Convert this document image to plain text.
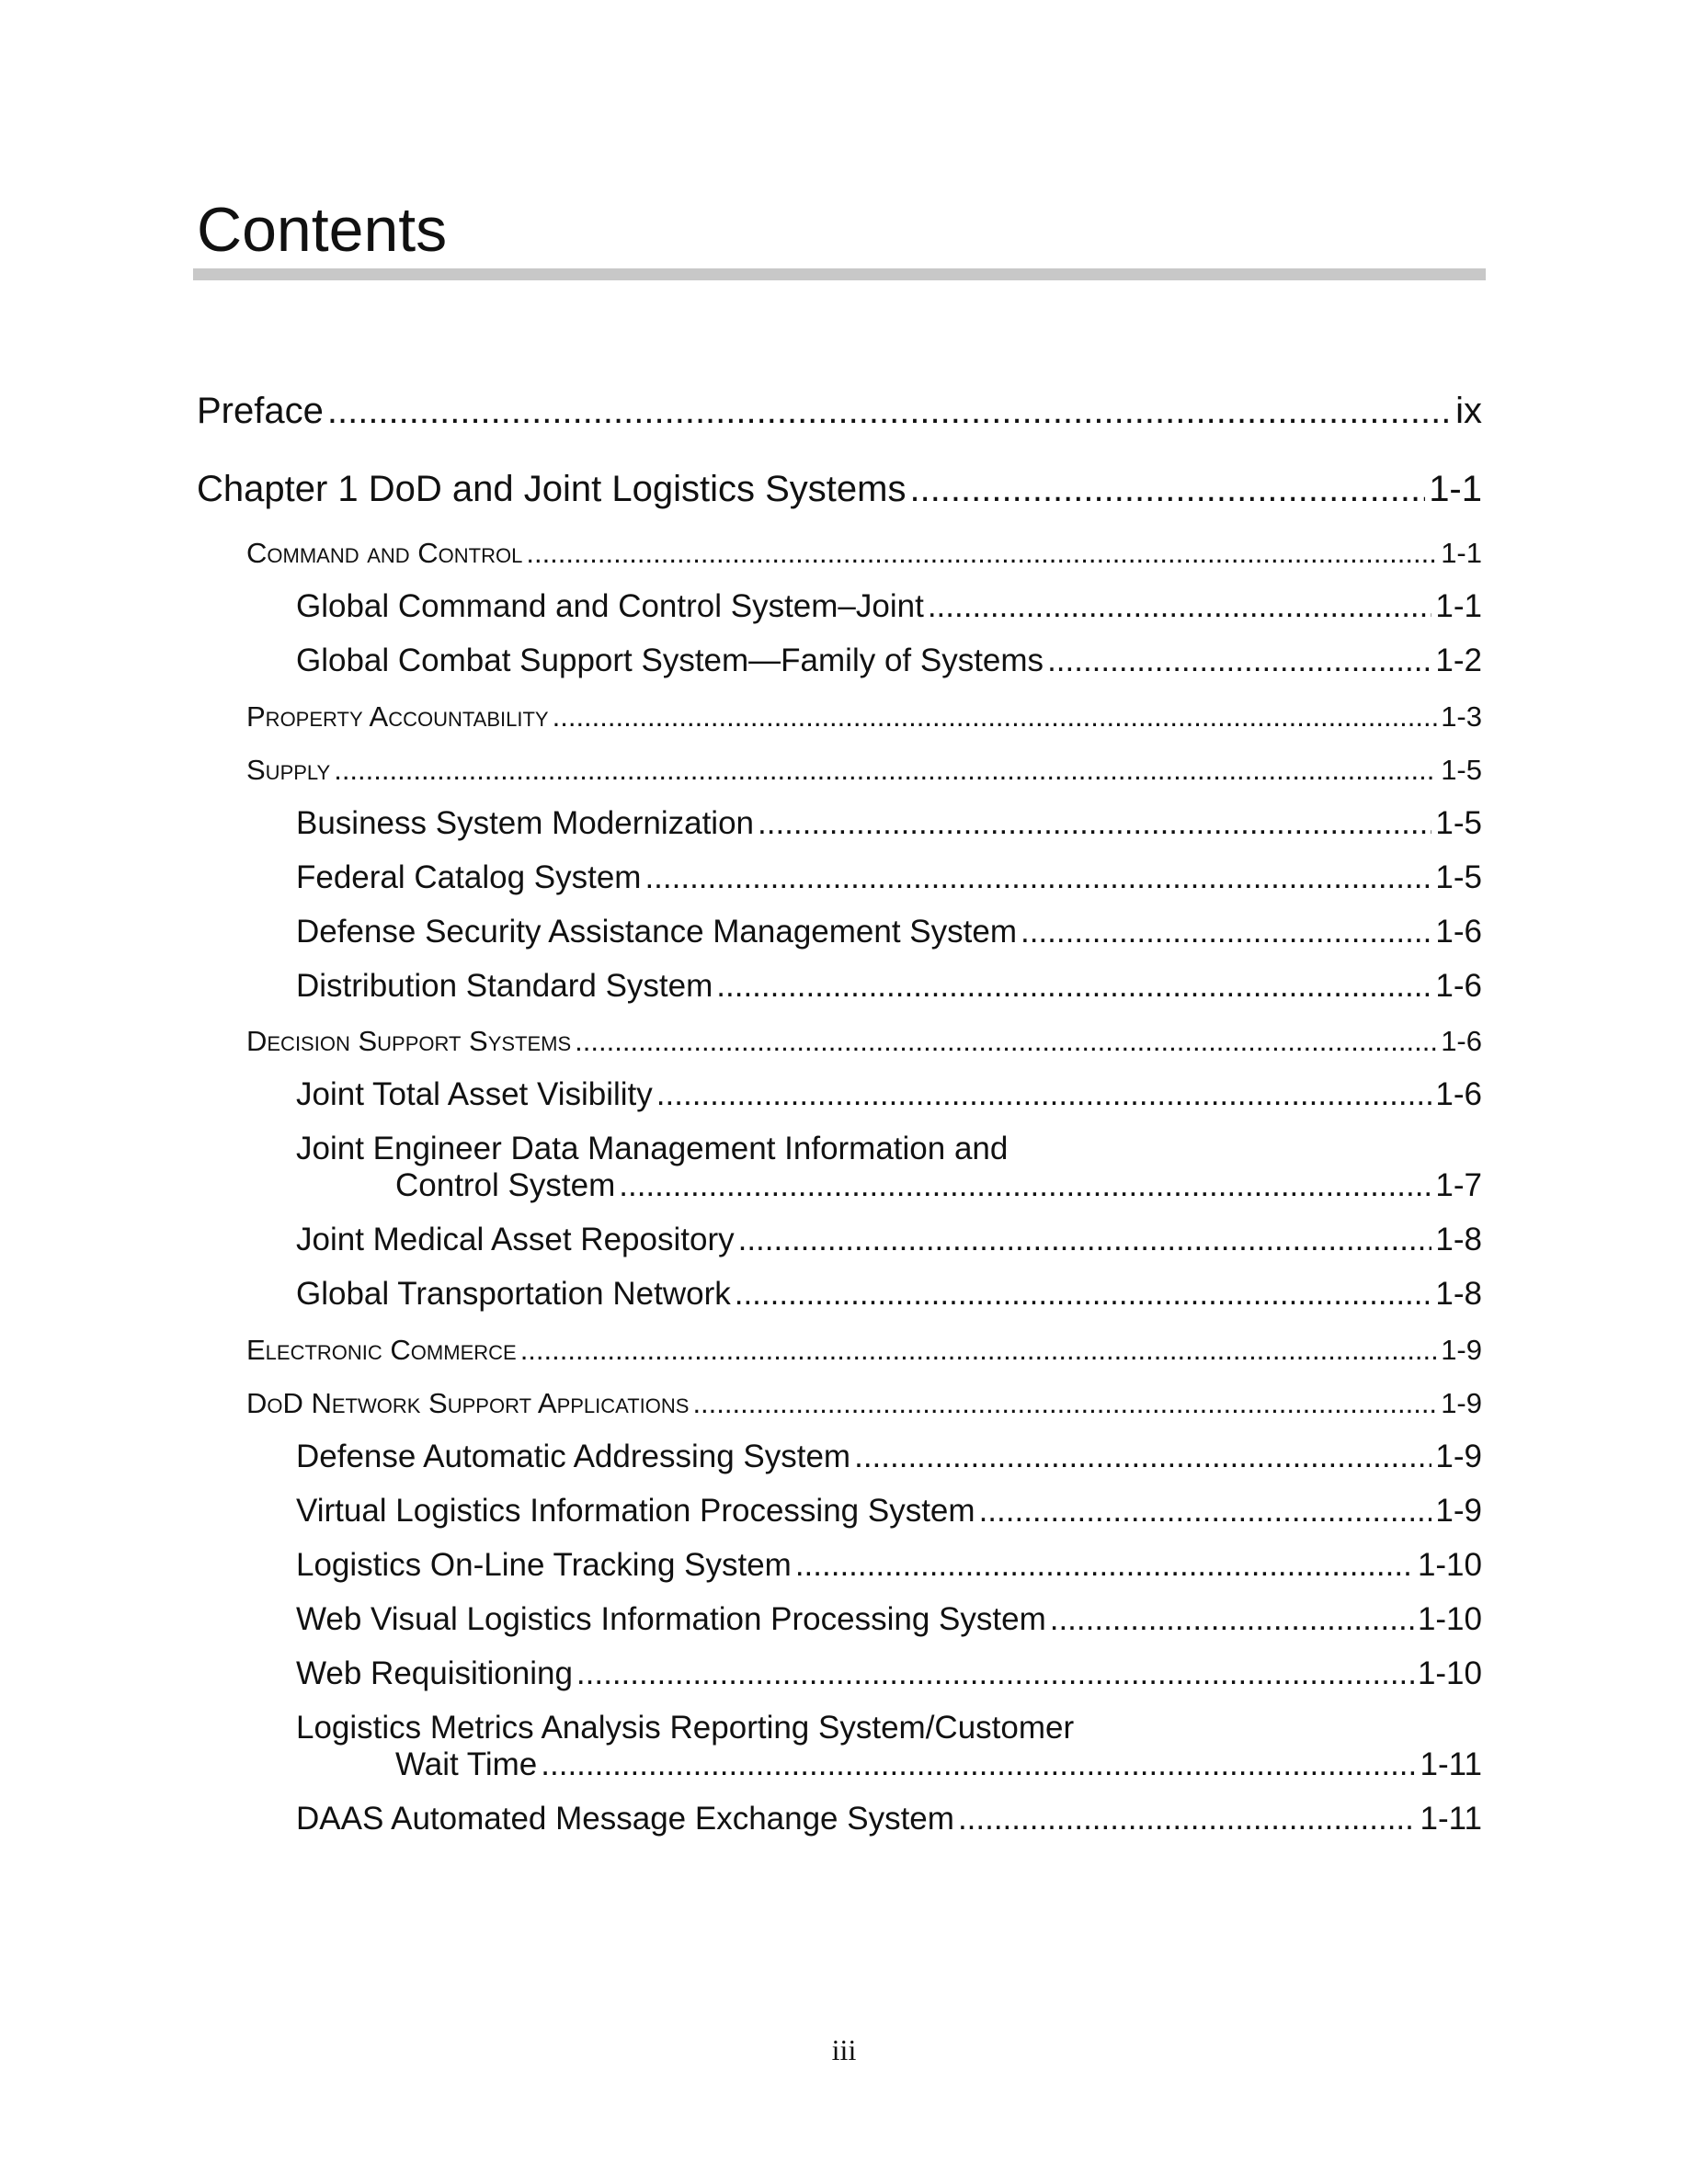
Contents
Preface .....	ix
Chapter 1 DoD and Joint Logistics Systems .....	1-1
Command and Control .....	1-1
Global Command and Control System–Joint .....	1-1
Global Combat Support System—Family of Systems .....	1-2
Property Accountability .....	1-3
Supply .....	1-5
Business System Modernization .....	1-5
Federal Catalog System .....	1-5
Defense Security Assistance Management System .....	1-6
Distribution Standard System .....	1-6
Decision Support Systems .....	1-6
Joint Total Asset Visibility .....	1-6
Joint Engineer Data Management Information and
Control System .....	1-7
Joint Medical Asset Repository .....	1-8
Global Transportation Network .....	1-8
Electronic Commerce .....	1-9
DoD Network Support Applications .....	1-9
Defense Automatic Addressing System .....	1-9
Virtual Logistics Information Processing System .....	1-9
Logistics On-Line Tracking System .....	1-10
Web Visual Logistics Information Processing System .....	1-10
Web Requisitioning .....	1-10
Logistics Metrics Analysis Reporting System/Customer
Wait Time .....	1-11
DAAS Automated Message Exchange System .....	1-11
iii
